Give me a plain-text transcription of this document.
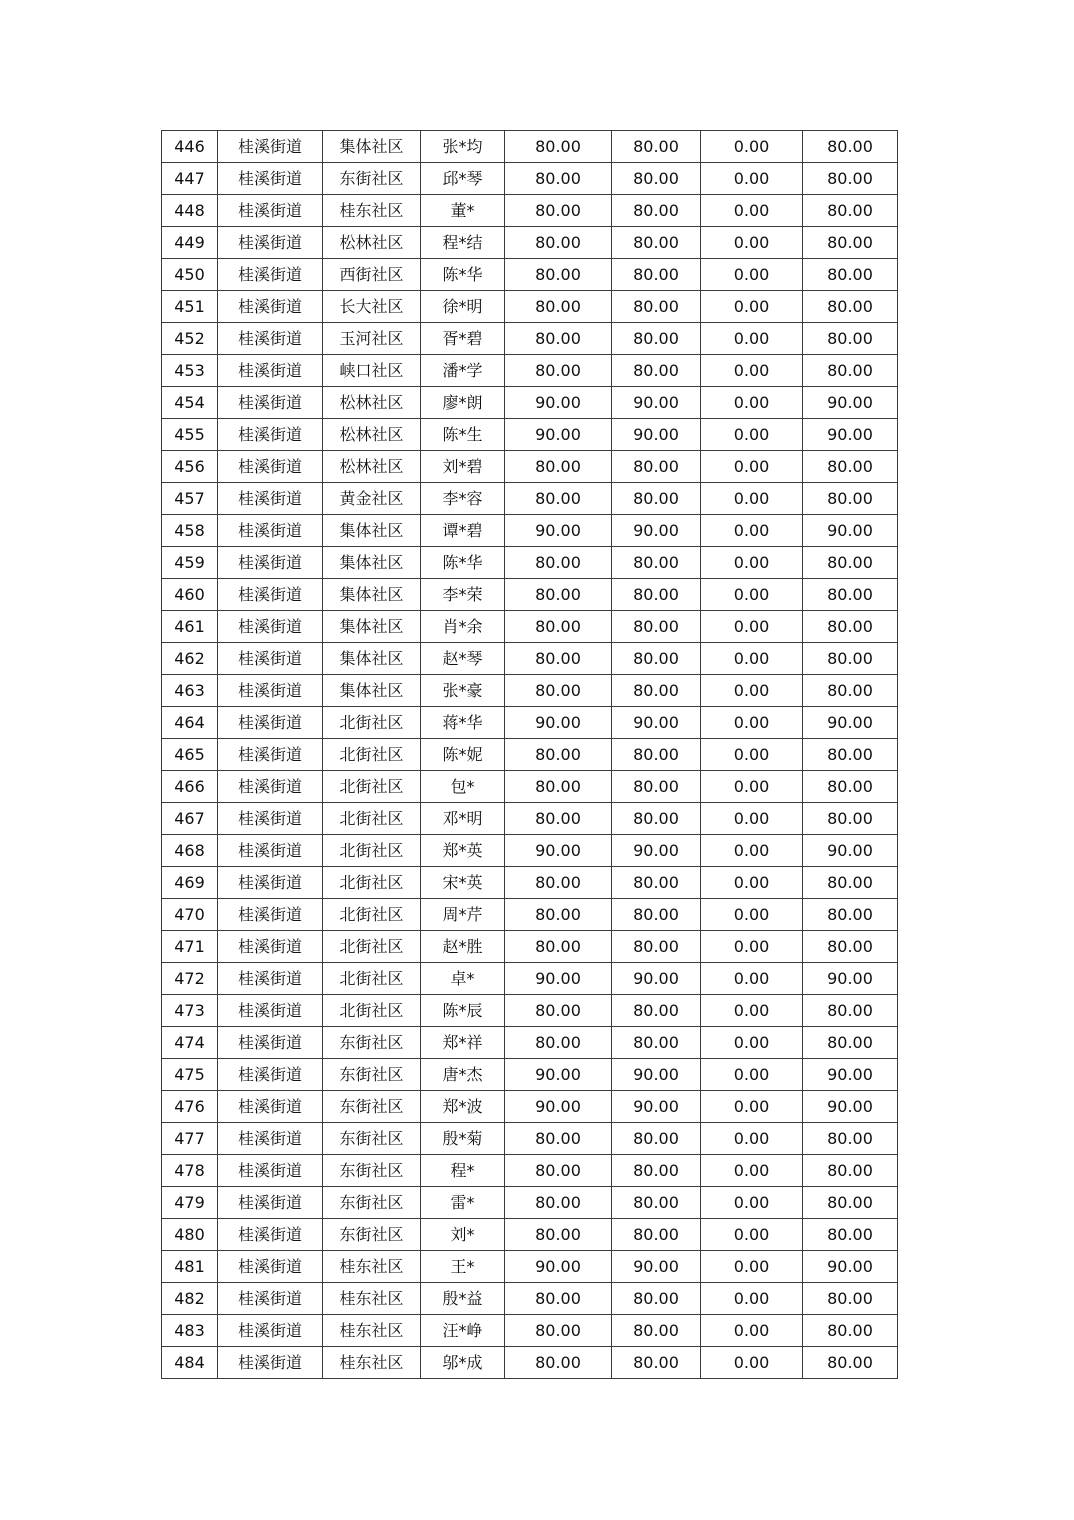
446	桂溪街道	集体社区	张*均	80.00	80.00	0.00	80.00
447	桂溪街道	东街社区	邱*琴	80.00	80.00	0.00	80.00
448	桂溪街道	桂东社区	董*	80.00	80.00	0.00	80.00
449	桂溪街道	松林社区	程*结	80.00	80.00	0.00	80.00
450	桂溪街道	西街社区	陈*华	80.00	80.00	0.00	80.00
451	桂溪街道	长大社区	徐*明	80.00	80.00	0.00	80.00
452	桂溪街道	玉河社区	胥*碧	80.00	80.00	0.00	80.00
453	桂溪街道	峡口社区	潘*学	80.00	80.00	0.00	80.00
454	桂溪街道	松林社区	廖*朗	90.00	90.00	0.00	90.00
455	桂溪街道	松林社区	陈*生	90.00	90.00	0.00	90.00
456	桂溪街道	松林社区	刘*碧	80.00	80.00	0.00	80.00
457	桂溪街道	黄金社区	李*容	80.00	80.00	0.00	80.00
458	桂溪街道	集体社区	谭*碧	90.00	90.00	0.00	90.00
459	桂溪街道	集体社区	陈*华	80.00	80.00	0.00	80.00
460	桂溪街道	集体社区	李*荣	80.00	80.00	0.00	80.00
461	桂溪街道	集体社区	肖*余	80.00	80.00	0.00	80.00
462	桂溪街道	集体社区	赵*琴	80.00	80.00	0.00	80.00
463	桂溪街道	集体社区	张*豪	80.00	80.00	0.00	80.00
464	桂溪街道	北街社区	蒋*华	90.00	90.00	0.00	90.00
465	桂溪街道	北街社区	陈*妮	80.00	80.00	0.00	80.00
466	桂溪街道	北街社区	包*	80.00	80.00	0.00	80.00
467	桂溪街道	北街社区	邓*明	80.00	80.00	0.00	80.00
468	桂溪街道	北街社区	郑*英	90.00	90.00	0.00	90.00
469	桂溪街道	北街社区	宋*英	80.00	80.00	0.00	80.00
470	桂溪街道	北街社区	周*芹	80.00	80.00	0.00	80.00
471	桂溪街道	北街社区	赵*胜	80.00	80.00	0.00	80.00
472	桂溪街道	北街社区	卓*	90.00	90.00	0.00	90.00
473	桂溪街道	北街社区	陈*辰	80.00	80.00	0.00	80.00
474	桂溪街道	东街社区	郑*祥	80.00	80.00	0.00	80.00
475	桂溪街道	东街社区	唐*杰	90.00	90.00	0.00	90.00
476	桂溪街道	东街社区	郑*波	90.00	90.00	0.00	90.00
477	桂溪街道	东街社区	殷*菊	80.00	80.00	0.00	80.00
478	桂溪街道	东街社区	程*	80.00	80.00	0.00	80.00
479	桂溪街道	东街社区	雷*	80.00	80.00	0.00	80.00
480	桂溪街道	东街社区	刘*	80.00	80.00	0.00	80.00
481	桂溪街道	桂东社区	王*	90.00	90.00	0.00	90.00
482	桂溪街道	桂东社区	殷*益	80.00	80.00	0.00	80.00
483	桂溪街道	桂东社区	汪*峥	80.00	80.00	0.00	80.00
484	桂溪街道	桂东社区	邬*成	80.00	80.00	0.00	80.00
